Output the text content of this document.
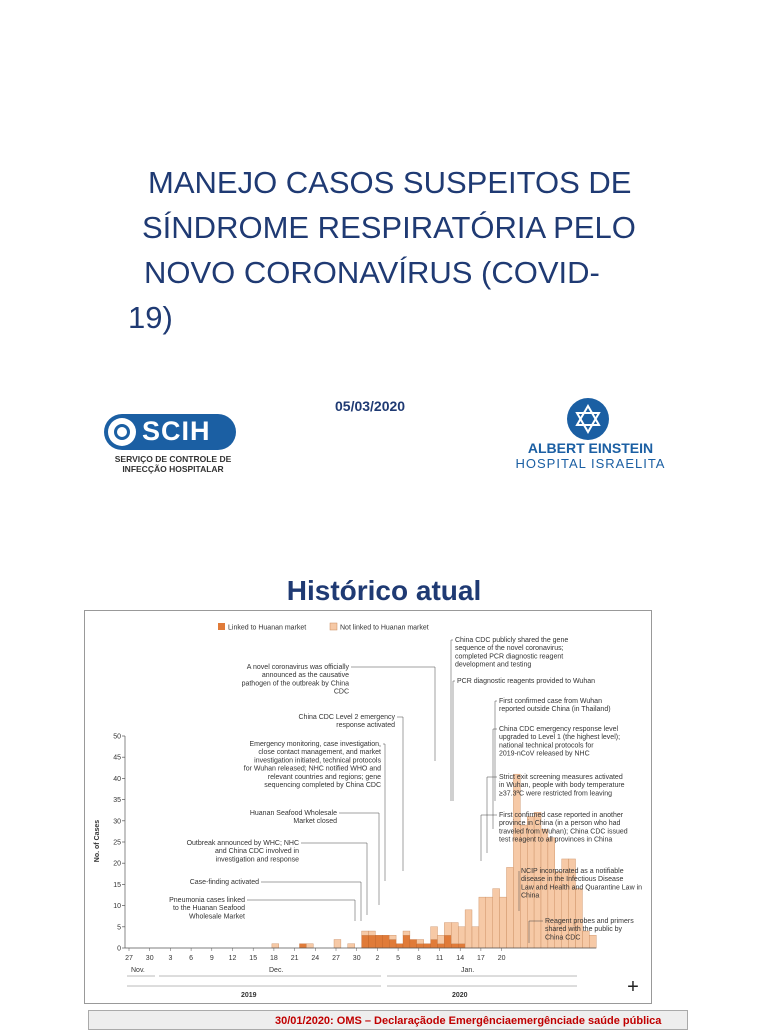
MANEJO CASOS SUSPEITOS DE
SÍNDROME RESPIRATÓRIA PELO
NOVO CORONAVÍRUS (COVID-
19)
05/03/2020
SCIH
SERVIÇO DE CONTROLE DE
INFECÇÃO HOSPITALAR
ALBERT EINSTEIN
HOSPITAL ISRAELITA
Histórico atual
Linked to Huanan market	Not linked to Huanan market
No. of Cases
0
5
10
15
20
25
30
35
40
45
50
27 30 3 6 9 12 15 18 21 24 27 30 2 5 8 11 14 17 20
Nov.	Dec.	Jan.
2019	2020
China CDC publicly shared the gene
sequence of the novel coronavirus;
completed PCR diagnostic reagent
development and testing
A novel coronavirus was officially
announced as the causative
pathogen of the outbreak by China
CDC
PCR diagnostic reagents provided to Wuhan
First confirmed case from Wuhan
reported outside China (in Thailand)
China CDC Level 2 emergency
response activated
China CDC emergency response level
upgraded to Level 1 (the highest level);
national technical protocols for
2019-nCoV released by NHC
Emergency monitoring, case investigation,
close contact management, and market
investigation initiated, technical protocols
for Wuhan released; NHC notified WHO and
relevant countries and regions; gene
sequencing completed by China CDC
Strict exit screening measures activated
in Wuhan, people with body temperature
≥37.3ºC were restricted from leaving
Huanan Seafood Wholesale
Market closed
First confirmed case reported in another
province in China (in a person who had
traveled from Wuhan); China CDC issued
test reagent to all provinces in China
Outbreak announced by WHC; NHC
and China CDC involved in
investigation and response
Case-finding activated
NCIP incorporated as a notifiable
disease in the Infectious Disease
Law and Health and Quarantine Law in
China
Pneumonia cases linked
to the Huanan Seafood
Wholesale Market
Reagent probes and primers
shared with the public by
China CDC
+
30/01/2020: OMS – Declaraçãode Emergênciaemergênciade saúde pública
